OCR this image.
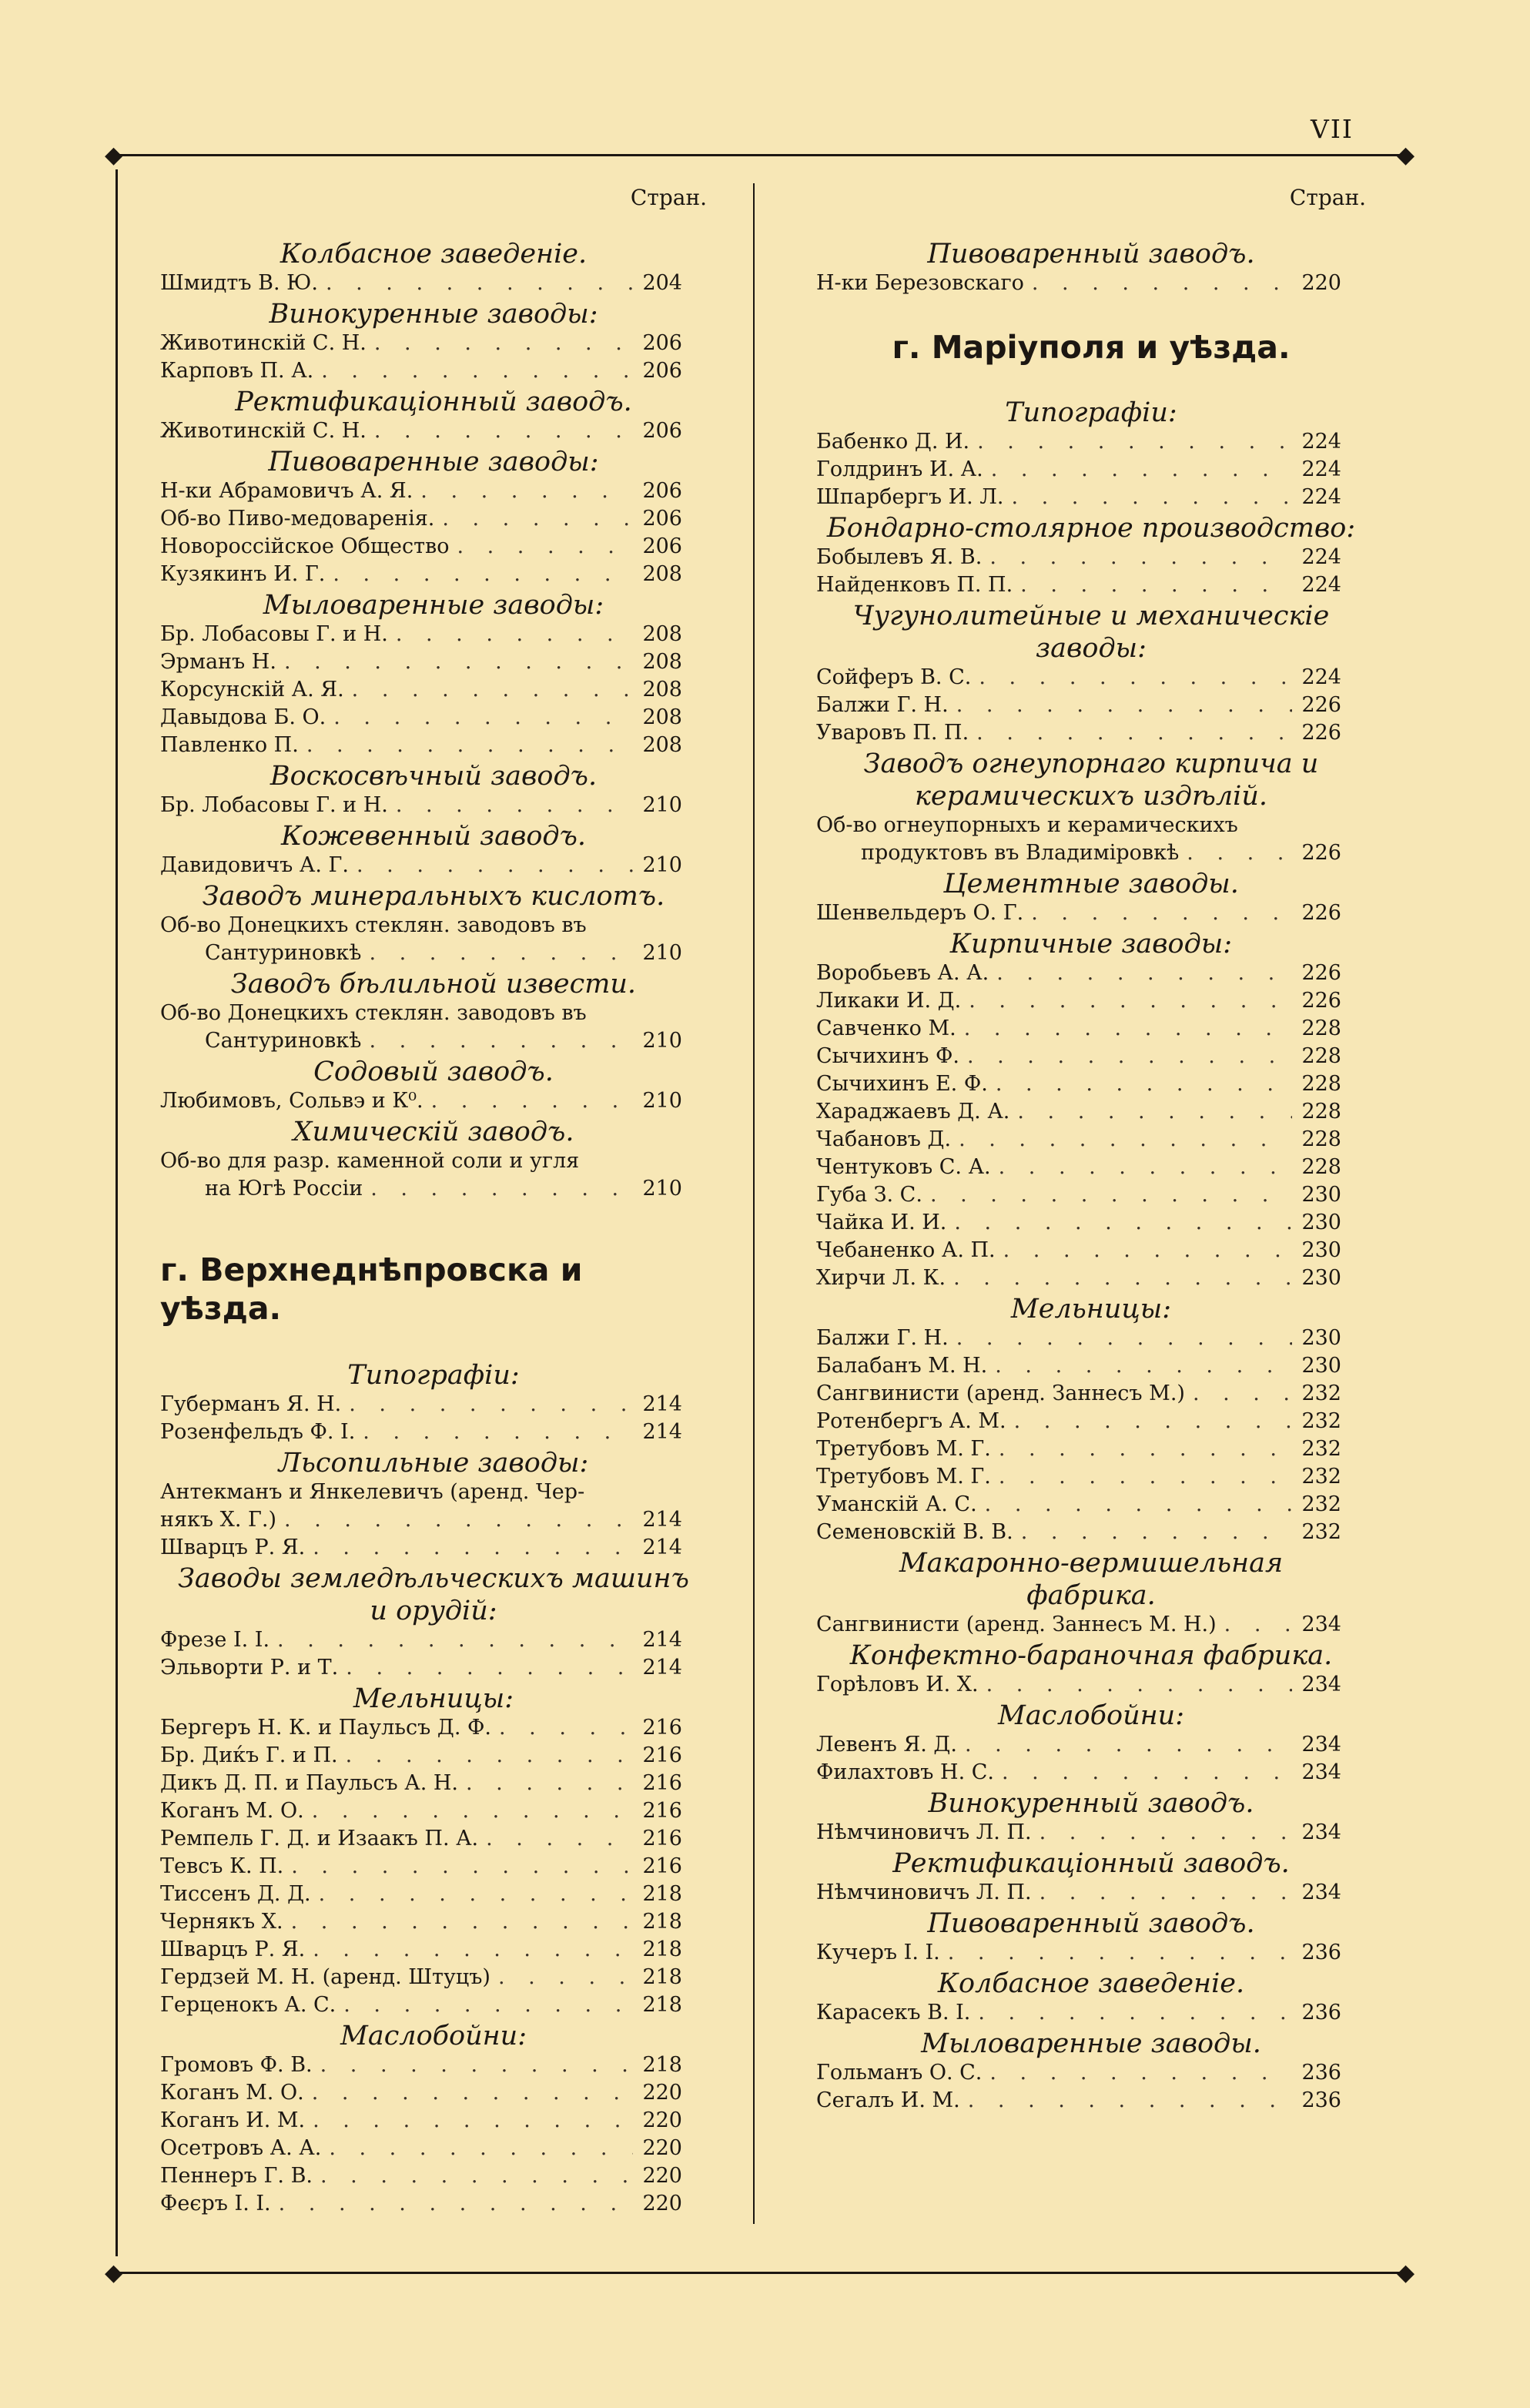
VII
◆	◆
◆	◆
Стран.
Колбасное заведеніе.
Шмидтъ В. Ю. . . .	204
Винокуренные заводы:
Животинскій С. Н. . . .	206
Карповъ П. А. . . .	206
Ректификаціонный заводъ.
Животинскій С. Н. . . .	206
Пивоваренные заводы:
Н-ки Абрамовичъ А. Я. . . .	206
Об-во Пиво-медоваренія. . . .	206
Новороссійское Общество . . .	206
Кузякинъ И. Г. . . .	208
Мыловаренные заводы:
Бр. Лобасовы Г. и Н. . . .	208
Эрманъ Н. . . .	208
Корсунскій А. Я. . . .	208
Давыдова Б. О. . . .	208
Павленко П. . . .	208
Воскосвѣчный заводъ.
Бр. Лобасовы Г. и Н. . . .	210
Кожевенный заводъ.
Давидовичъ А. Г. . . .	210
Заводъ минеральныхъ кислотъ.
Об-во Донецкихъ стеклян. заводовъ въ
Сантуриновкѣ . . .	210
Заводъ бѣлильной извести.
Об-во Донецкихъ стеклян. заводовъ въ
Сантуриновкѣ . . .	210
Содовый заводъ.
Любимовъ, Сольвэ и К⁰. . . .	210
Химическій заводъ.
Об-во для разр. каменной соли и угля
на Югѣ Россіи . . .	210
г. Верхнеднѣпровска и уѣзда.
Типографіи:
Губерманъ Я. Н. . . .	214
Розенфельдъ Ф. І. . . .	214
Льсопильные заводы:
Антекманъ и Янкелевичъ (аренд. Чер-
някъ Х. Г.) . . .	214
Шварцъ Р. Я. . . .	214
Заводы земледѣльческихъ машинъ
и орудій:
Фрезе І. І. . . .	214
Эльворти Р. и Т. . . .	214
Мельницы:
Бергеръ Н. К. и Паульсъ Д. Ф. . . .	216
Бр. Диќъ Г. и П. . . .	216
Дикъ Д. П. и Паульсъ А. Н. . . .	216
Коганъ М. О. . . .	216
Ремпель Г. Д. и Изаакъ П. А. . . .	216
Тевсъ К. П. . . .	216
Тиссенъ Д. Д. . . .	218
Чернякъ Х. . . .	218
Шварцъ Р. Я. . . .	218
Гердзей М. Н. (аренд. Штуцъ) . . .	218
Герценокъ А. С. . . .	218
Маслобойни:
Громовъ Ф. В. . . .	218
Коганъ М. О. . . .	220
Коганъ И. М. . . .	220
Осетровъ А. А. . . .	220
Пеннеръ Г. В. . . .	220
Феєръ І. І. . . .	220
Стран.
Пивоваренный заводъ.
Н-ки Березовскаго . . .	220
г. Маріуполя и уѣзда.
Типографіи:
Бабенко Д. И. . . .	224
Голдринъ И. А. . . .	224
Шпарбергъ И. Л. . . .	224
Бондарно-столярное производство:
Бобылевъ Я. В. . . .	224
Найденковъ П. П. . . .	224
Чугунолитейные и механическіе
заводы:
Сойферъ В. С. . . .	224
Балжи Г. Н. . . .	226
Уваровъ П. П. . . .	226
Заводъ огнеупорнаго кирпича и
керамическихъ издѣлій.
Об-во огнеупорныхъ и керамическихъ
продуктовъ въ Владиміровкѣ . . .	226
Цементные заводы.
Шенвельдеръ О. Г. . . .	226
Кирпичные заводы:
Воробьевъ А. А. . . .	226
Ликаки И. Д. . . .	226
Савченко М. . . .	228
Сычихинъ Ф. . . .	228
Сычихинъ Е. Ф. . . .	228
Хараджаевъ Д. А. . . .	228
Чабановъ Д. . . .	228
Чентуковъ С. А. . . .	228
Губа З. С. . . .	230
Чайка И. И. . . .	230
Чебаненко А. П. . . .	230
Хирчи Л. К. . . .	230
Мельницы:
Балжи Г. Н. . . .	230
Балабанъ М. Н. . . .	230
Сангвинисти (аренд. Заннесъ М.) . . .	232
Ротенбергъ А. М. . . .	232
Третубовъ М. Г. . . .	232
Третубовъ М. Г. . . .	232
Уманскій А. С. . . .	232
Семеновскій В. В. . . .	232
Макаронно-вермишельная
фабрика.
Сангвинисти (аренд. Заннесъ М. Н.) . . .	234
Конфектно-бараночная фабрика.
Горѣловъ И. Х. . . .	234
Маслобойни:
Левенъ Я. Д. . . .	234
Филахтовъ Н. С. . . .	234
Винокуренный заводъ.
Нѣмчиновичъ Л. П. . . .	234
Ректификаціонный заводъ.
Нѣмчиновичъ Л. П. . . .	234
Пивоваренный заводъ.
Кучеръ І. І. . . .	236
Колбасное заведеніе.
Карасекъ В. І. . . .	236
Мыловаренные заводы.
Гольманъ О. С. . . .	236
Сегалъ И. М. . . .	236
